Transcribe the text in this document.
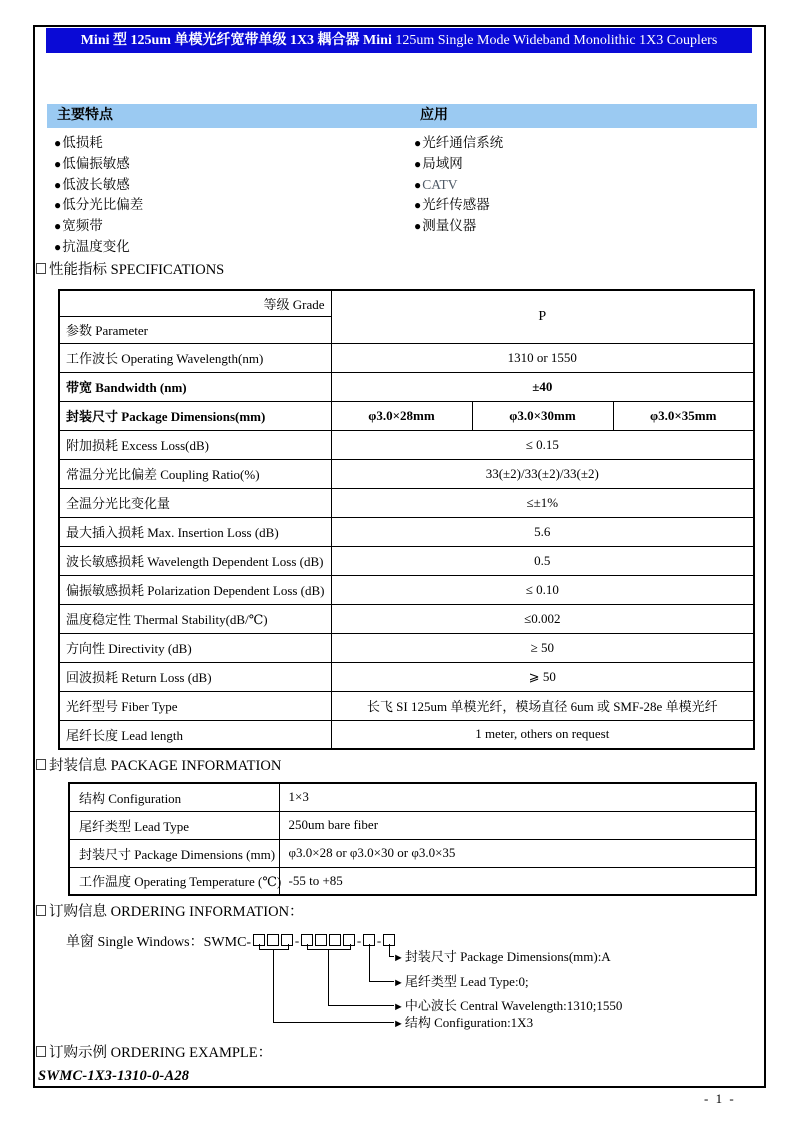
Mini 型 125um 单模光纤宽带单级 1X3 耦合器 Mini 125um Single Mode Wideband Monolithic 1X3 Couplers
主要特点	应用
●低损耗
●低偏振敏感
●低波长敏感
●低分光比偏差
●宽频带
●抗温度变化
●光纤通信系统
●局域网
●CATV
●光纤传感器
●测量仪器
性能指标 SPECIFICATIONS
等级 Grade	P		
参数 Parameter			
工作波长 Operating Wavelength(nm)	1310 or 1550		
带宽 Bandwidth (nm)	±40		
封装尺寸 Package Dimensions(mm)	φ3.0×28mm	φ3.0×30mm	φ3.0×35mm
附加损耗 Excess Loss(dB)	≤ 0.15		
常温分光比偏差 Coupling Ratio(%)	33(±2)/33(±2)/33(±2)		
全温分光比变化量	≤±1%		
最大插入损耗 Max. Insertion Loss (dB)	5.6		
波长敏感损耗 Wavelength Dependent Loss (dB)	0.5		
偏振敏感损耗 Polarization Dependent Loss (dB)	≤ 0.10		
温度稳定性 Thermal Stability(dB/℃)	≤0.002		
方向性 Directivity (dB)	≥ 50		
回波损耗 Return Loss (dB)	⩾ 50		
光纤型号 Fiber Type	长飞 SI 125um 单模光纤，模场直径 6um 或 SMF-28e 单模光纤		
尾纤长度 Lead length	1 meter, others on request		
封装信息 PACKAGE INFORMATION
结构 Configuration	1×3
尾纤类型 Lead Type	250um bare fiber
封装尺寸 Package Dimensions (mm)	φ3.0×28 or φ3.0×30 or φ3.0×35
工作温度 Operating Temperature (℃)	-55 to +85
订购信息 ORDERING INFORMATION：
单窗 Single Windows：SWMC-	-	- -
►封装尺寸 Package Dimensions(mm):A
►尾纤类型 Lead Type:0;
►中心波长 Central Wavelength:1310;1550
►结构 Configuration:1X3
订购示例 ORDERING EXAMPLE：
SWMC-1X3-1310-0-A28
- 1 -
